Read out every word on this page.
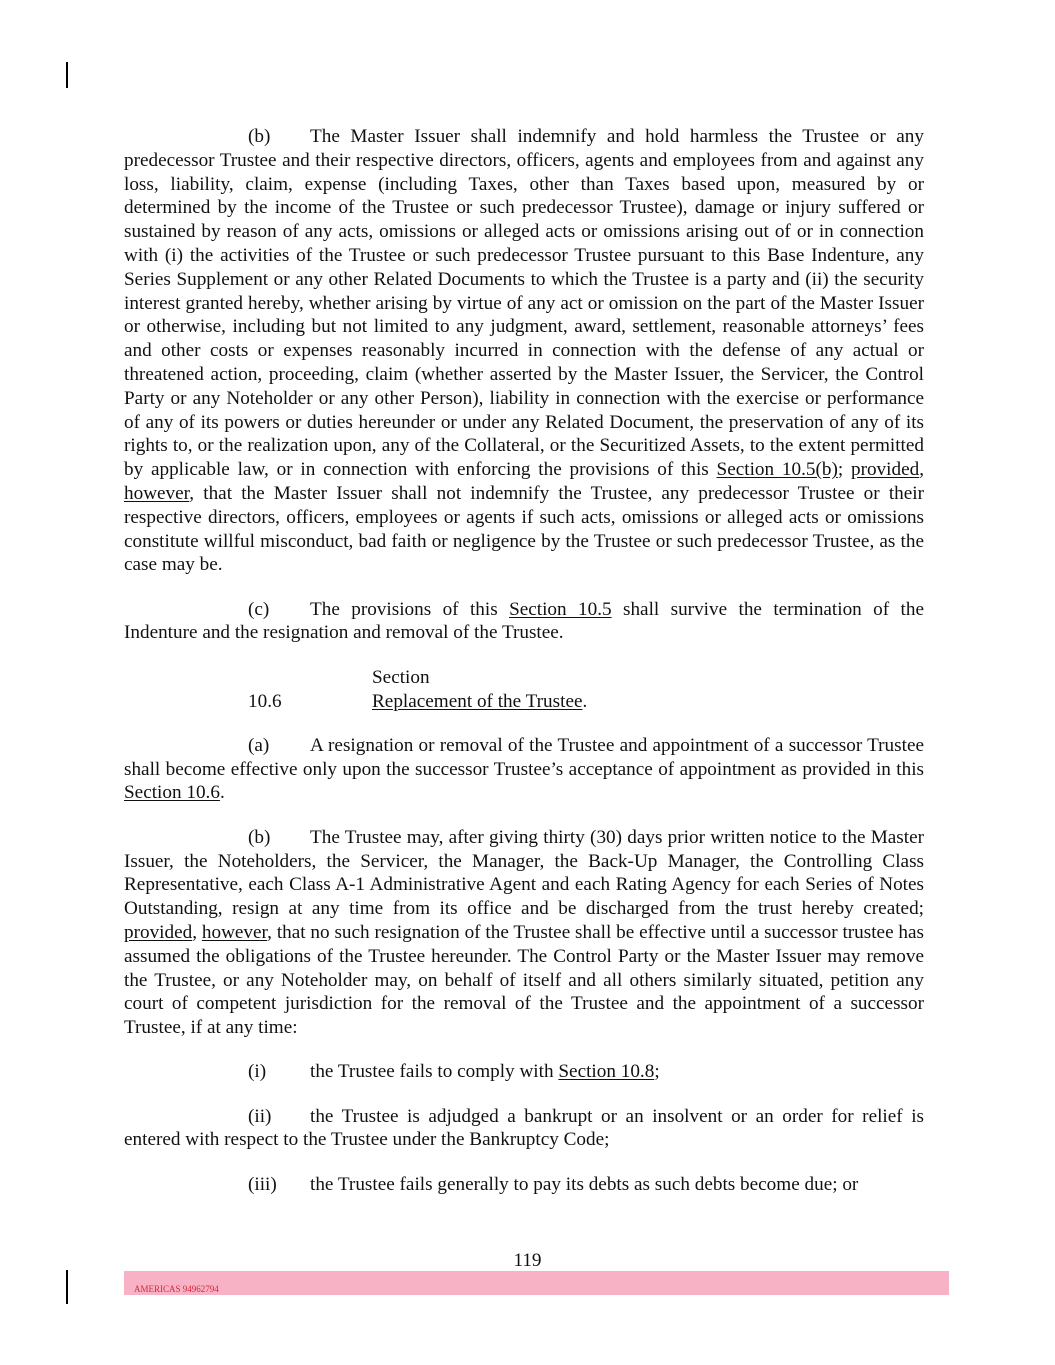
(b) The Master Issuer shall indemnify and hold harmless the Trustee or any predecessor Trustee and their respective directors, officers, agents and employees from and against any loss, liability, claim, expense (including Taxes, other than Taxes based upon, measured by or determined by the income of the Trustee or such predecessor Trustee), damage or injury suffered or sustained by reason of any acts, omissions or alleged acts or omissions arising out of or in connection with (i) the activities of the Trustee or such predecessor Trustee pursuant to this Base Indenture, any Series Supplement or any other Related Documents to which the Trustee is a party and (ii) the security interest granted hereby, whether arising by virtue of any act or omission on the part of the Master Issuer or otherwise, including but not limited to any judgment, award, settlement, reasonable attorneys’ fees and other costs or expenses reasonably incurred in connection with the defense of any actual or threatened action, proceeding, claim (whether asserted by the Master Issuer, the Servicer, the Control Party or any Noteholder or any other Person), liability in connection with the exercise or performance of any of its powers or duties hereunder or under any Related Document, the preservation of any of its rights to, or the realization upon, any of the Collateral, or the Securitized Assets, to the extent permitted by applicable law, or in connection with enforcing the provisions of this Section 10.5(b); provided, however, that the Master Issuer shall not indemnify the Trustee, any predecessor Trustee or their respective directors, officers, employees or agents if such acts, omissions or alleged acts or omissions constitute willful misconduct, bad faith or negligence by the Trustee or such predecessor Trustee, as the case may be.

(c) The provisions of this Section 10.5 shall survive the termination of the Indenture and the resignation and removal of the Trustee.

Section 10.6	Replacement of the Trustee.

(a) A resignation or removal of the Trustee and appointment of a successor Trustee shall become effective only upon the successor Trustee’s acceptance of appointment as provided in this Section 10.6.

(b) The Trustee may, after giving thirty (30) days prior written notice to the Master Issuer, the Noteholders, the Servicer, the Manager, the Back-Up Manager, the Controlling Class Representative, each Class A-1 Administrative Agent and each Rating Agency for each Series of Notes Outstanding, resign at any time from its office and be discharged from the trust hereby created; provided, however, that no such resignation of the Trustee shall be effective until a successor trustee has assumed the obligations of the Trustee hereunder. The Control Party or the Master Issuer may remove the Trustee, or any Noteholder may, on behalf of itself and all others similarly situated, petition any court of competent jurisdiction for the removal of the Trustee and the appointment of a successor Trustee, if at any time:

(i) the Trustee fails to comply with Section 10.8;

(ii) the Trustee is adjudged a bankrupt or an insolvent or an order for relief is entered with respect to the Trustee under the Bankruptcy Code;

(iii) the Trustee fails generally to pay its debts as such debts become due; or

119
AMERICAS 94962794
